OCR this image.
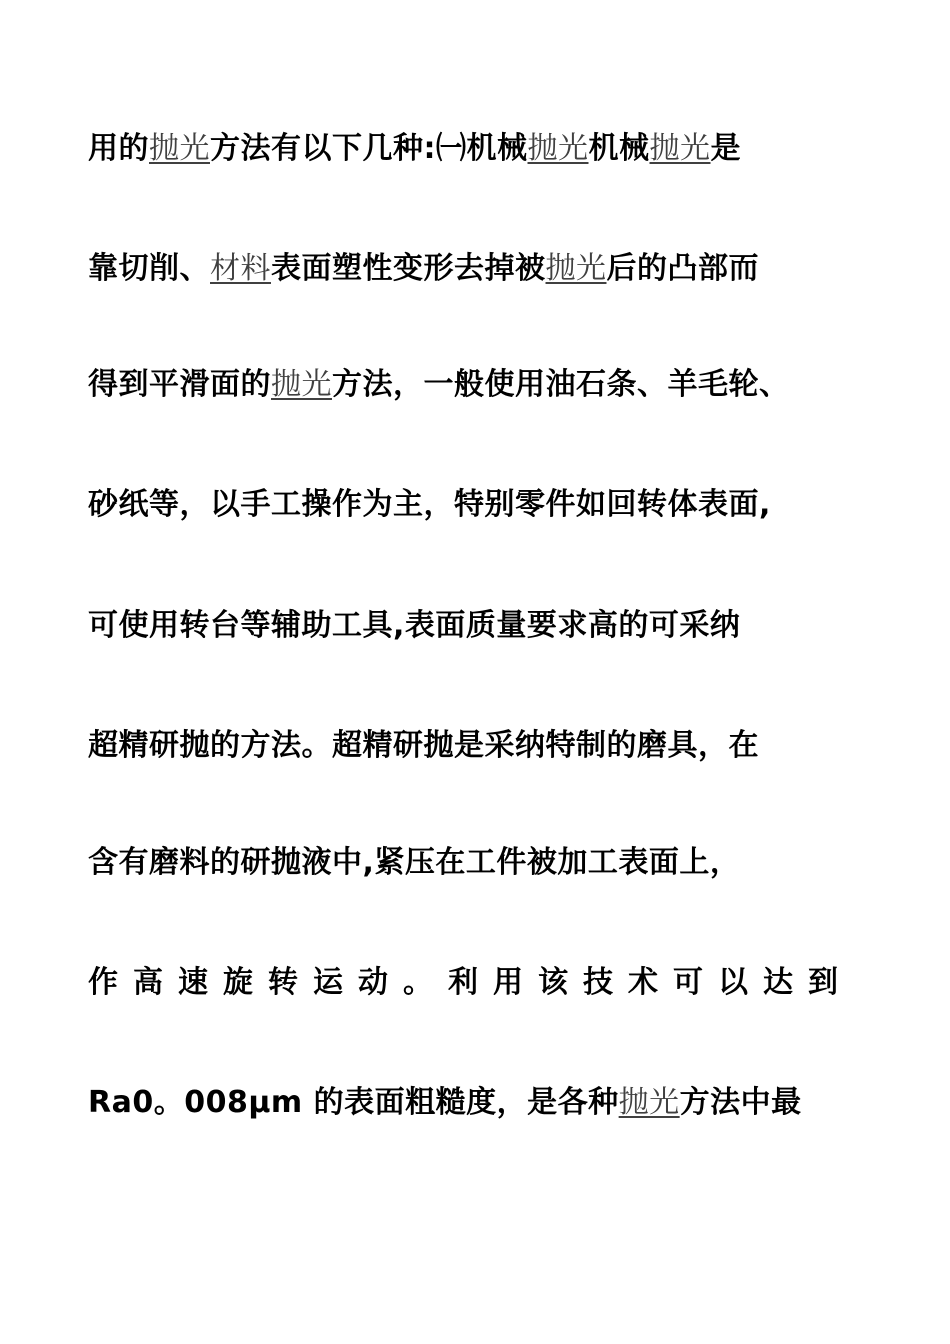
用的抛光方法有以下几种:㈠机械抛光机械抛光是
靠切削、材料表面塑性变形去掉被抛光后的凸部而
得到平滑面的抛光方法，一般使用油石条、羊毛轮、
砂纸等，以手工操作为主，特别零件如回转体表面,
可使用转台等辅助工具,表面质量要求高的可采纳
超精研抛的方法。超精研抛是采纳特制的磨具，在
含有磨料的研抛液中,紧压在工件被加工表面上，
作高速旋转运动。利用该技术可以达到
Ra0。008μm 的表面粗糙度，是各种抛光方法中最
